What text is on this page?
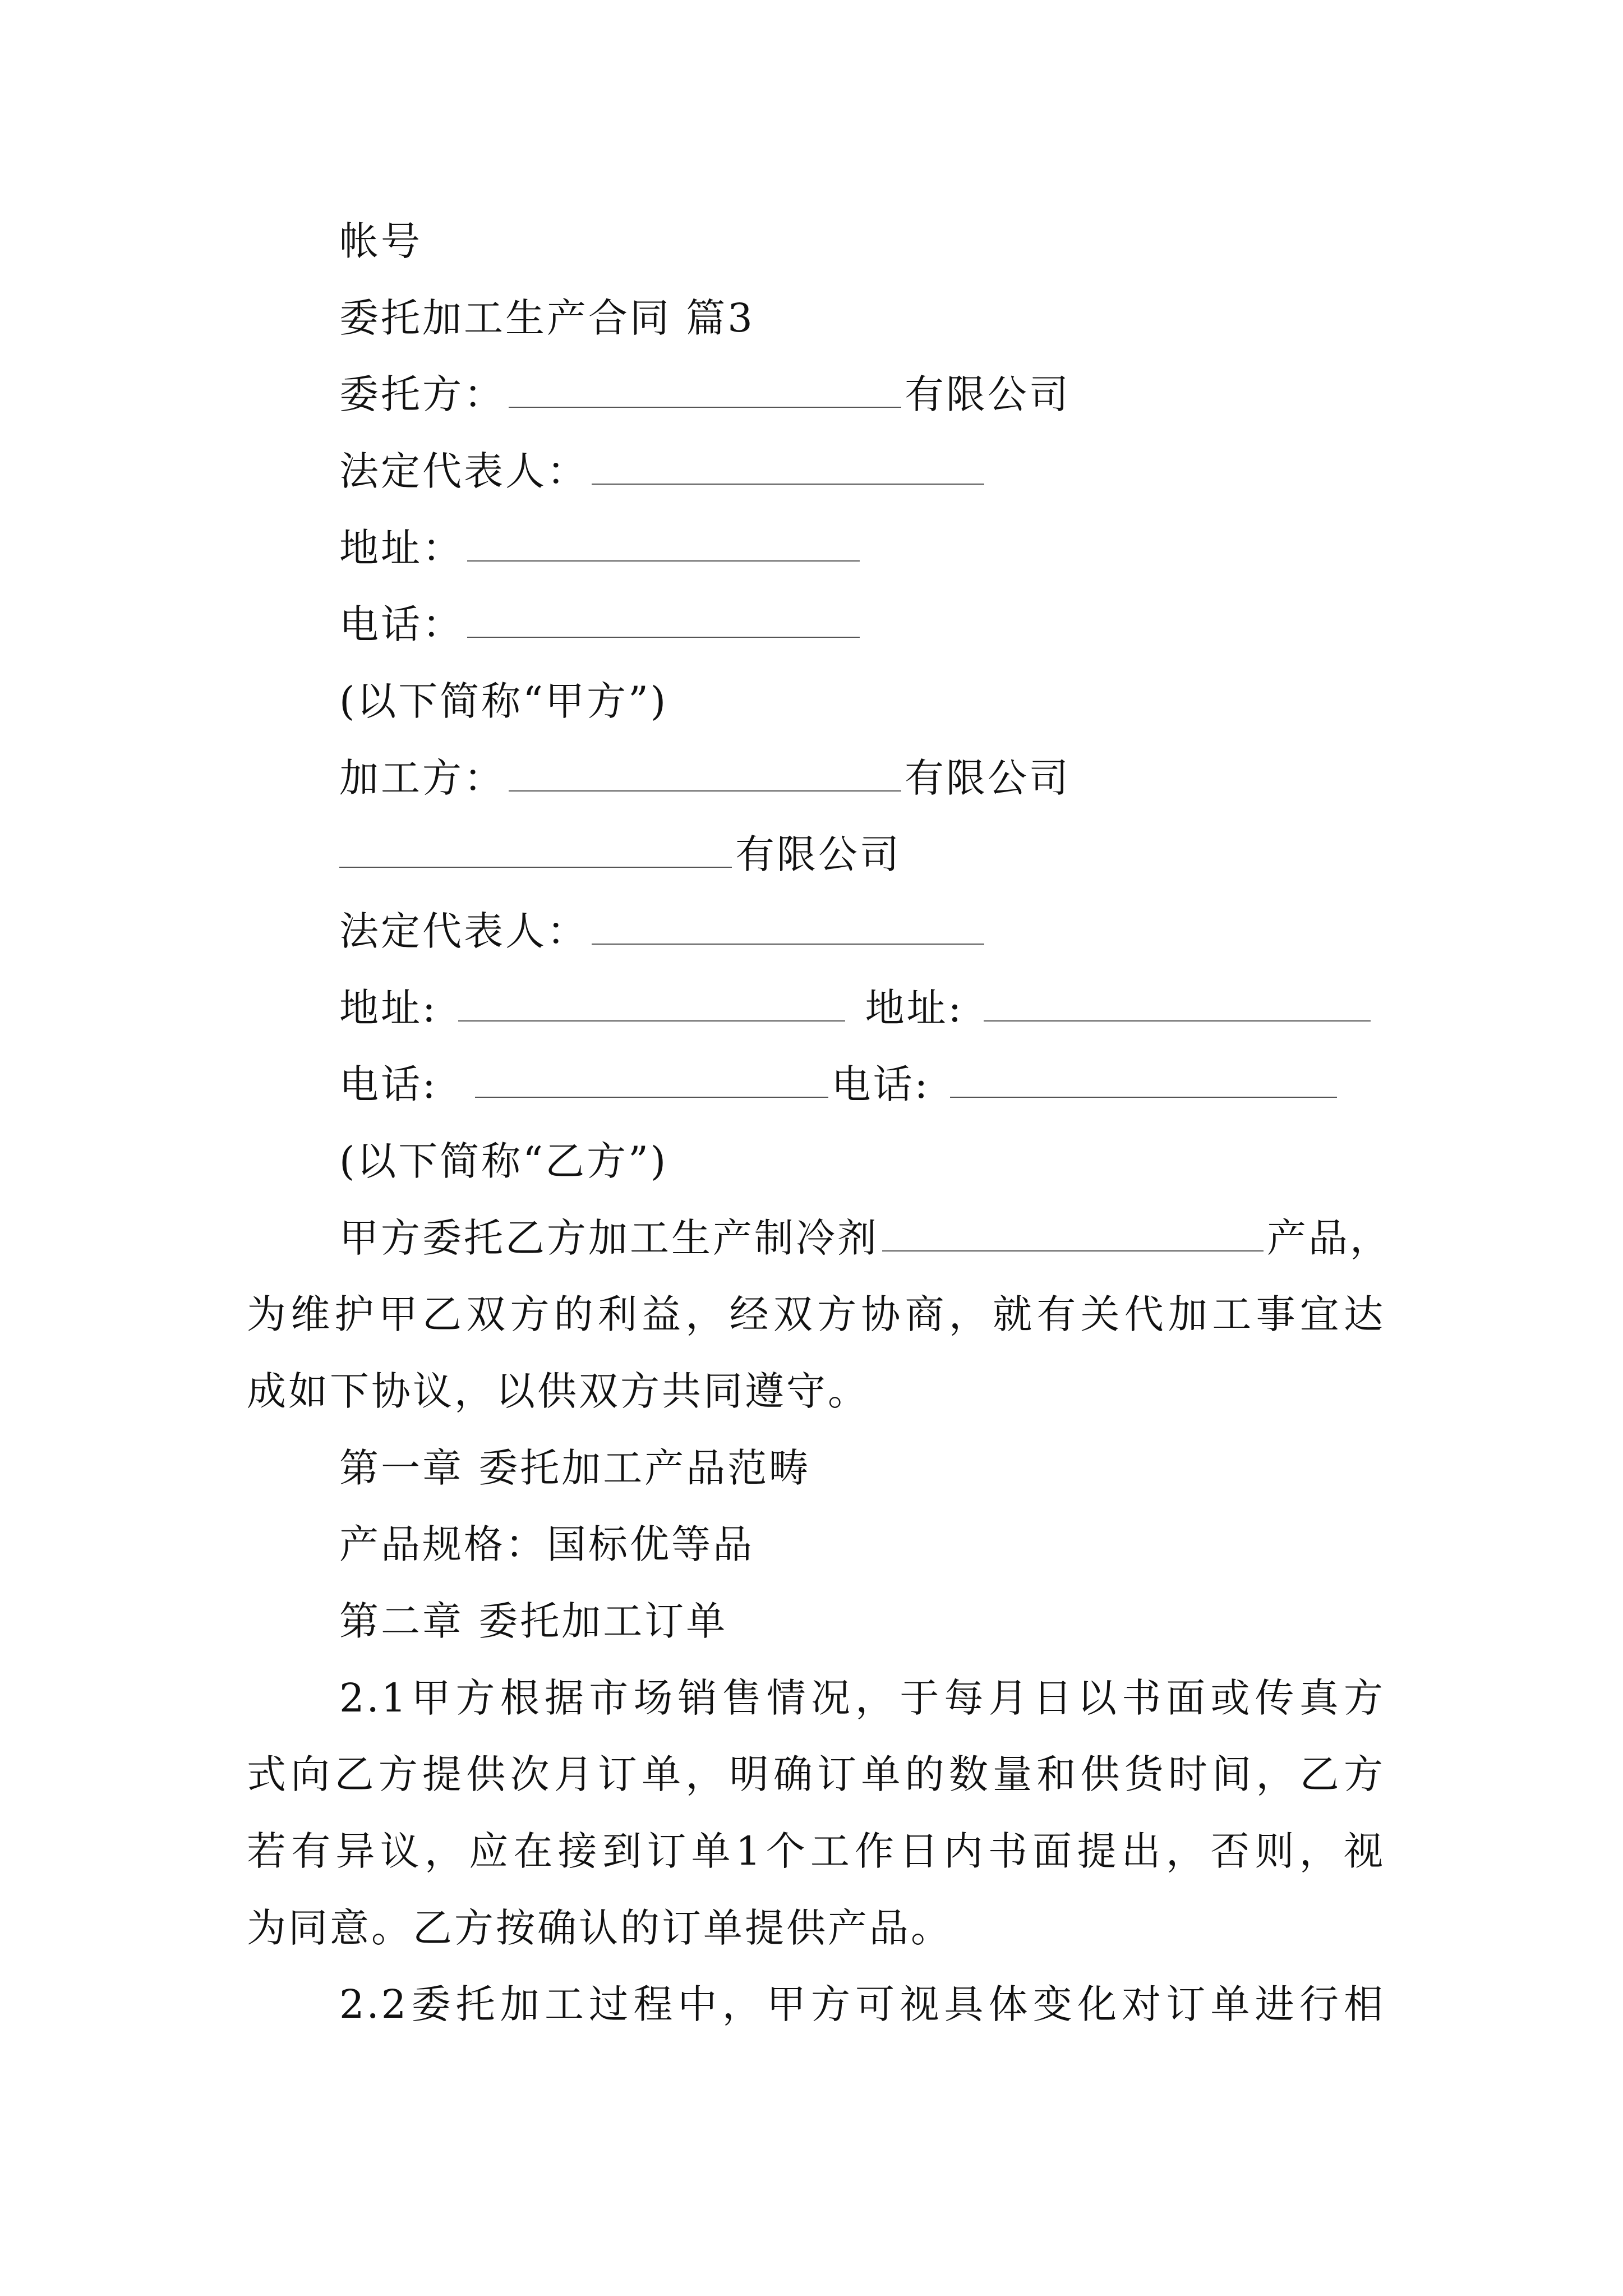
帐号
委托加工生产合同 篇3
委托方：	有限公司
法定代表人：
地址：
电话：
(以下简称“甲方”)
加工方：	有限公司
有限公司
法定代表人：
地址:	地址:
电话:	电话:
(以下简称“乙方”)
甲方委托乙方加工生产制冷剂	产品，
为维护甲乙双方的利益，经双方协商，就有关代加工事宜达
成如下协议，以供双方共同遵守。
第一章 委托加工产品范畴
产品规格：国标优等品
第二章 委托加工订单
2.1甲方根据市场销售情况，于每月日以书面或传真方
式向乙方提供次月订单，明确订单的数量和供货时间，乙方
若有异议，应在接到订单1个工作日内书面提出，否则，视
为同意。乙方按确认的订单提供产品。
2.2委托加工过程中，甲方可视具体变化对订单进行相
